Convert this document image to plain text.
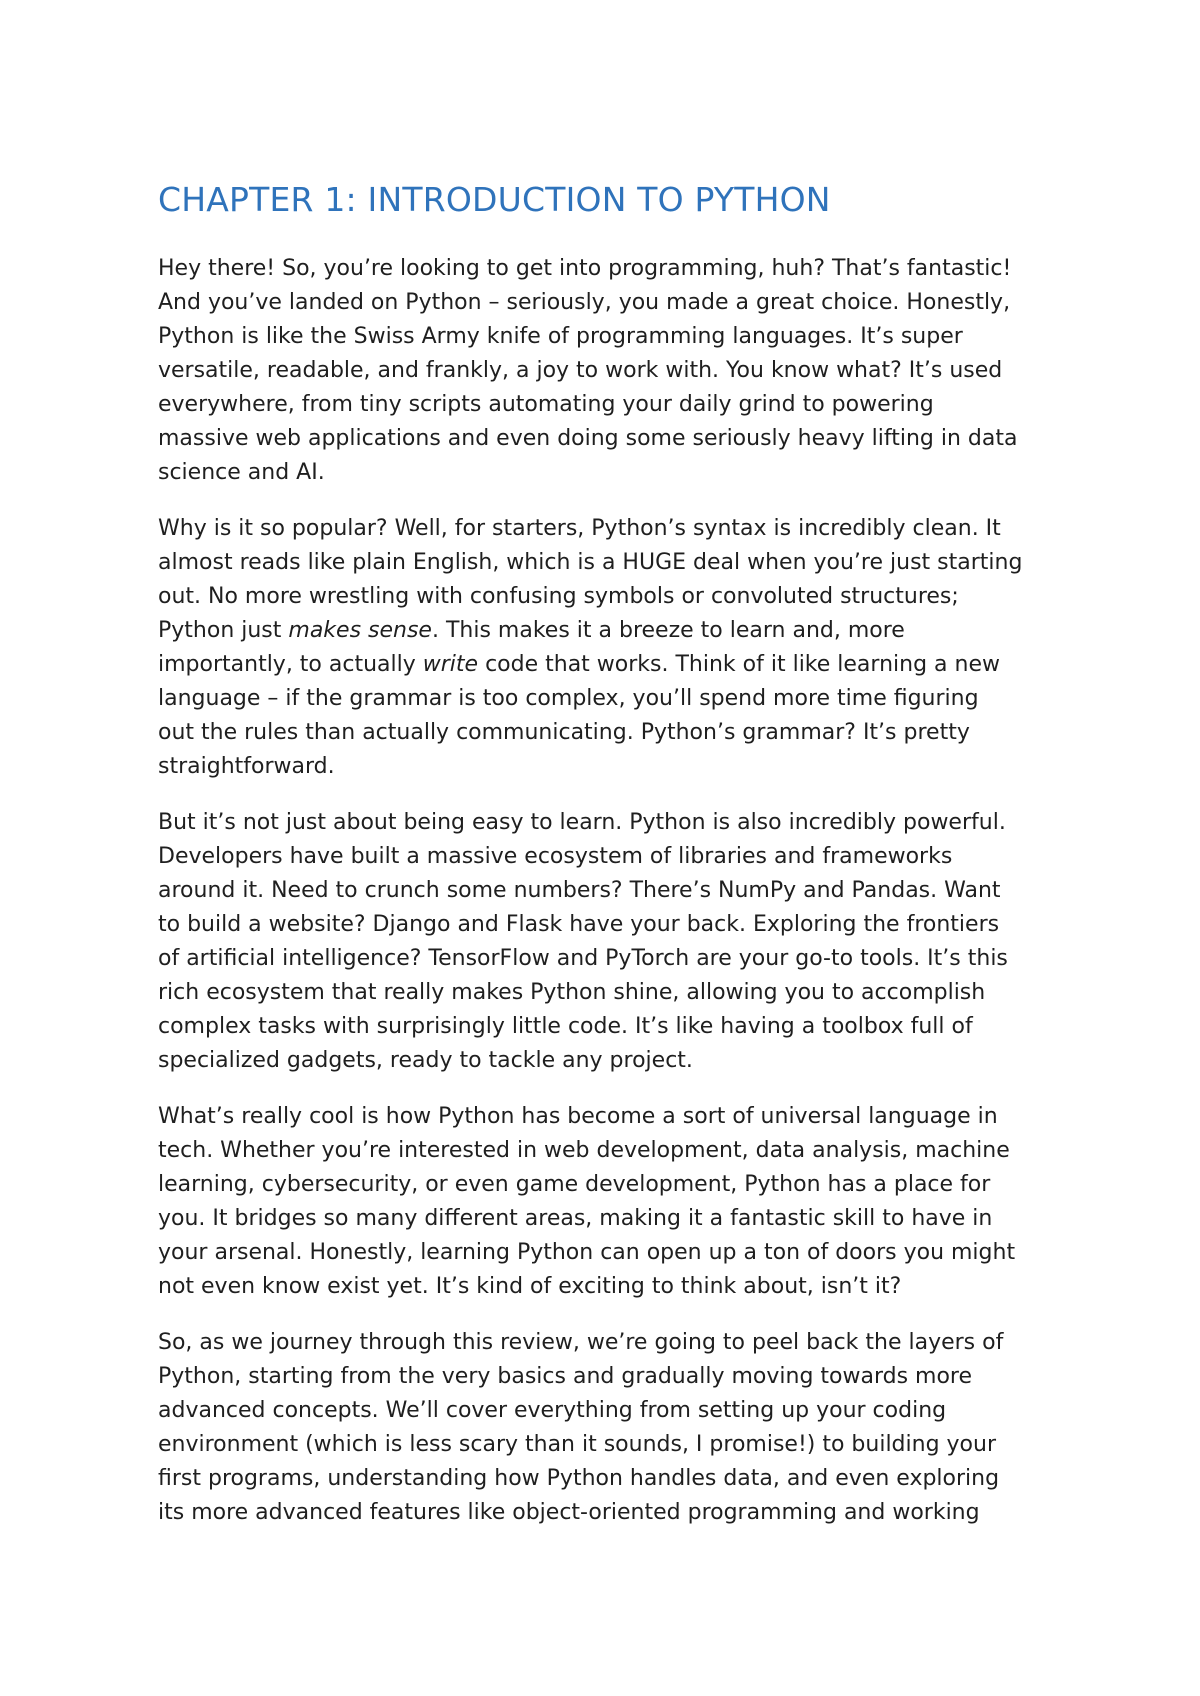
CHAPTER 1: INTRODUCTION TO PYTHON

Hey there! So, you’re looking to get into programming, huh? That’s fantastic!
And you’ve landed on Python – seriously, you made a great choice. Honestly,
Python is like the Swiss Army knife of programming languages. It’s super
versatile, readable, and frankly, a joy to work with. You know what? It’s used
everywhere, from tiny scripts automating your daily grind to powering
massive web applications and even doing some seriously heavy lifting in data
science and AI.

Why is it so popular? Well, for starters, Python’s syntax is incredibly clean. It
almost reads like plain English, which is a HUGE deal when you’re just starting
out. No more wrestling with confusing symbols or convoluted structures;
Python just makes sense. This makes it a breeze to learn and, more
importantly, to actually write code that works. Think of it like learning a new
language – if the grammar is too complex, you’ll spend more time figuring
out the rules than actually communicating. Python’s grammar? It’s pretty
straightforward.

But it’s not just about being easy to learn. Python is also incredibly powerful.
Developers have built a massive ecosystem of libraries and frameworks
around it. Need to crunch some numbers? There’s NumPy and Pandas. Want
to build a website? Django and Flask have your back. Exploring the frontiers
of artificial intelligence? TensorFlow and PyTorch are your go-to tools. It’s this
rich ecosystem that really makes Python shine, allowing you to accomplish
complex tasks with surprisingly little code. It’s like having a toolbox full of
specialized gadgets, ready to tackle any project.

What’s really cool is how Python has become a sort of universal language in
tech. Whether you’re interested in web development, data analysis, machine
learning, cybersecurity, or even game development, Python has a place for
you. It bridges so many different areas, making it a fantastic skill to have in
your arsenal. Honestly, learning Python can open up a ton of doors you might
not even know exist yet. It’s kind of exciting to think about, isn’t it?

So, as we journey through this review, we’re going to peel back the layers of
Python, starting from the very basics and gradually moving towards more
advanced concepts. We’ll cover everything from setting up your coding
environment (which is less scary than it sounds, I promise!) to building your
first programs, understanding how Python handles data, and even exploring
its more advanced features like object-oriented programming and working
